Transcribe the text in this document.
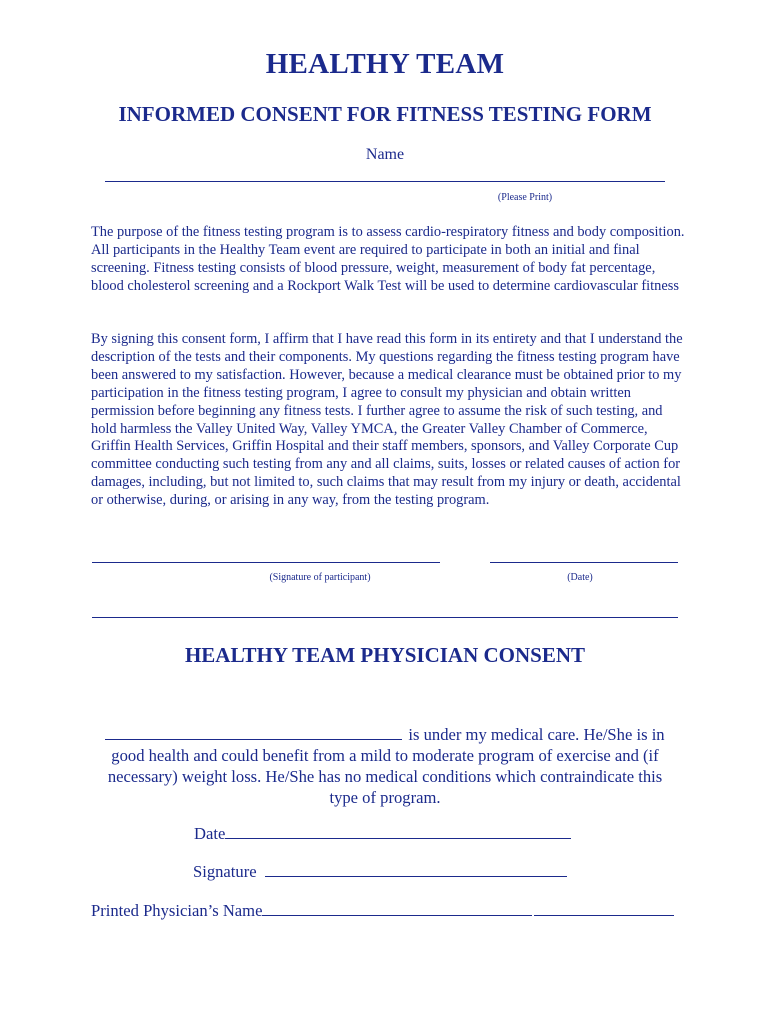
HEALTHY TEAM
INFORMED CONSENT FOR FITNESS TESTING FORM
Name
(Please Print)
The purpose of the fitness testing program is to assess cardio-respiratory fitness and body composition. All participants in the Healthy Team event are required to participate in both an initial and final screening. Fitness testing consists of blood pressure, weight, measurement of body fat percentage, blood cholesterol screening and a Rockport Walk Test will be used to determine cardiovascular fitness
By signing this consent form, I affirm that I have read this form in its entirety and that I understand the description of the tests and their components. My questions regarding the fitness testing program have been answered to my satisfaction. However, because a medical clearance must be obtained prior to my participation in the fitness testing program, I agree to consult my physician and obtain written permission before beginning any fitness tests. I further agree to assume the risk of such testing, and hold harmless the Valley United Way, Valley YMCA, the Greater Valley Chamber of Commerce, Griffin Health Services, Griffin Hospital and their staff members, sponsors, and Valley Corporate Cup committee conducting such testing from any and all claims, suits, losses or related causes of action for damages, including, but not limited to, such claims that may result from my injury or death, accidental or otherwise, during, or arising in any way, from the testing program.
(Signature of participant)	(Date)
HEALTHY TEAM PHYSICIAN CONSENT
is under my medical care. He/She is in good health and could benefit from a mild to moderate program of exercise and (if necessary) weight loss. He/She has no medical conditions which contraindicate this type of program.
Date
Signature
Printed Physician’s Name
